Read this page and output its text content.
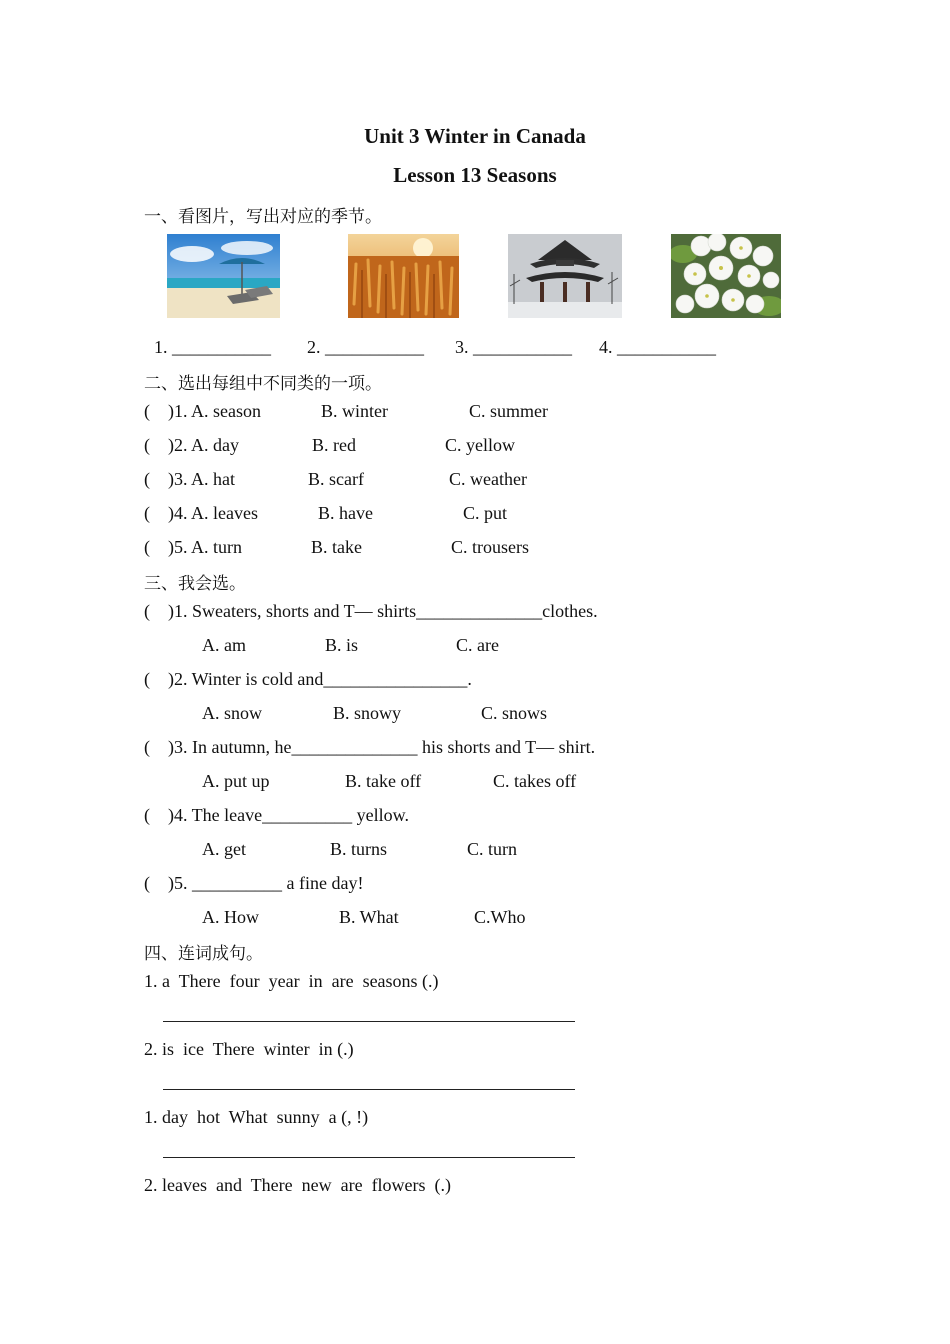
Unit 3 Winter in Canada
Lesson 13 Seasons
一、看图片，写出对应的季节。
1. ___________ 2. ___________ 3. ___________ 4. ___________
二、选出每组中不同类的一项。
(    )1. A. season	B. winter	C. summer
(    )2. A. day	B. red	C. yellow
(    )3. A. hat	B. scarf	C. weather
(    )4. A. leaves	B. have	C. put
(    )5. A. turn	B. take	C. trousers
三、我会选。
(    )1. Sweaters, shorts and T— shirts______________clothes.
A. am	B. is	C. are
(    )2. Winter is cold and________________.
A. snow	B. snowy	C. snows
(    )3. In autumn, he______________ his shorts and T— shirt.
A. put up	B. take off	C. takes off
(    )4. The leave__________ yellow.
A. get	B. turns	C. turn
(    )5. __________ a fine day!
A. How	B. What	C.Who
四、连词成句。
1. a  There  four  year  in  are  seasons (.)
2. is  ice  There  winter  in (.)
1. day  hot  What  sunny  a (, !)
2. leaves  and  There  new  are  flowers  (.)
